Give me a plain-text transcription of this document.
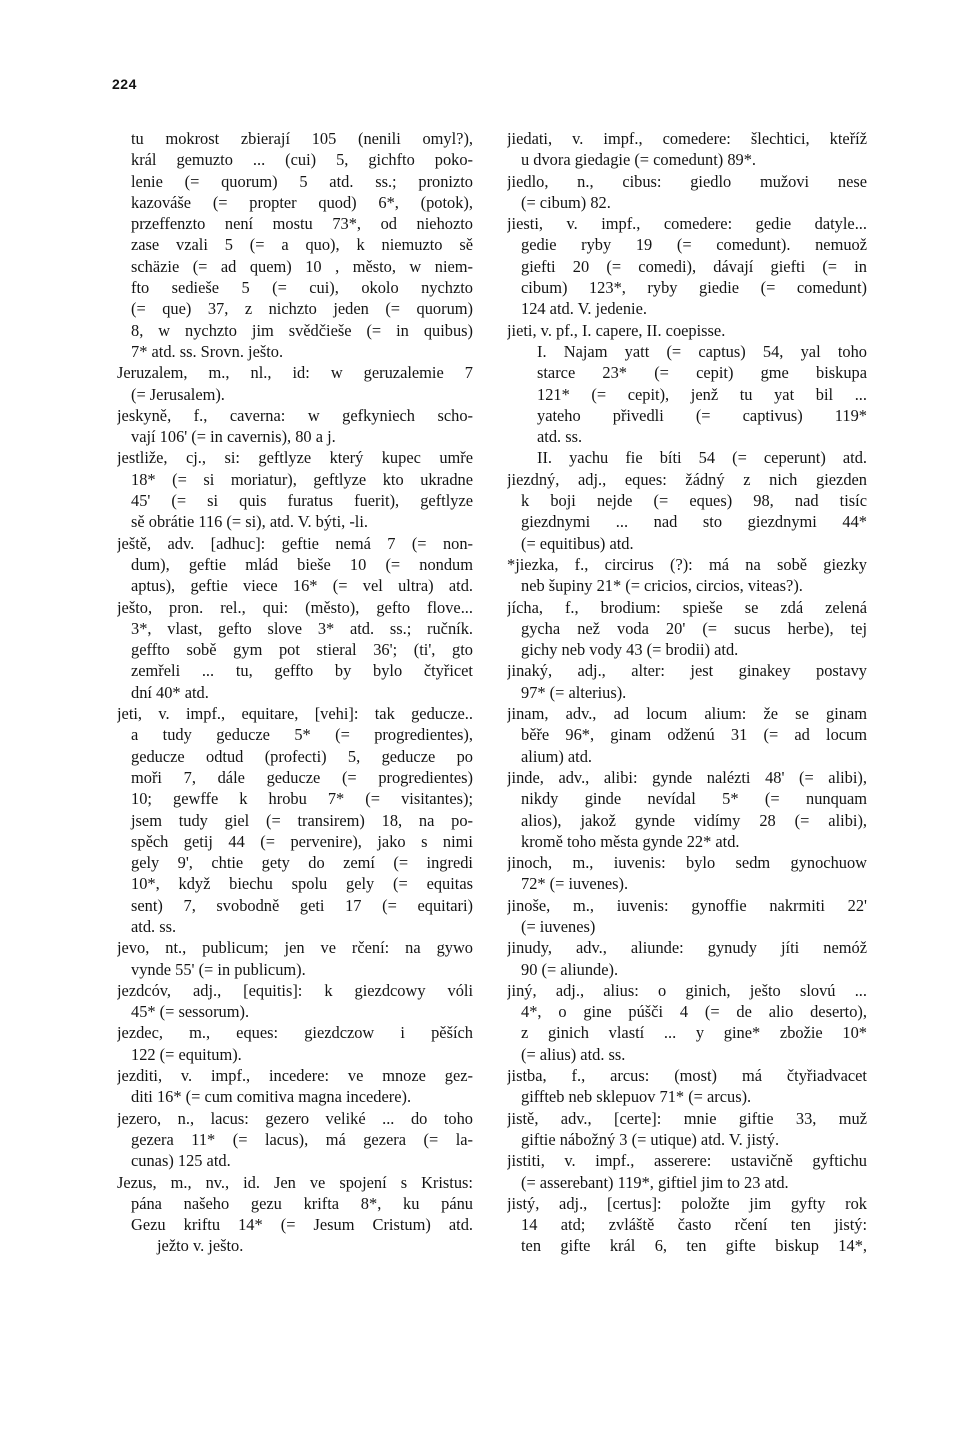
224
tu mokrost zbierají 105 (nenili omyl?),
král gemuzto ... (cui) 5, gichfto poko-
lenie (= quorum) 5 atd. ss.; pronizto
kazováše (= propter quod) 6*, (potok),
przeffenzto není mostu 73*, od niehozto
zase vzali 5 (= a quo), k niemuzto sě
schäzie (= ad quem) 10 , město, w niem-
fto sedieše 5 (= cui), okolo nychzto
(= que) 37, z nichzto jeden (= quorum)
8, w nychzto jim svědčieše (= in quibus)
7* atd. ss. Srovn. ješto.
Jeruzalem, m., nl., id: w geruzalemie 7
(= Jerusalem).
jeskyně, f., caverna: w gefkyniech scho-
vají 106' (= in cavernis), 80 a j.
jestliže, cj., si: geftlyze který kupec umře
18* (= si moriatur), geftlyze kto ukradne
45' (= si quis furatus fuerit), geftlyze
sě obrátie 116 (= si), atd. V. býti, -li.
ještě, adv. [adhuc]: geftie nemá 7 (= non-
dum), geftie mlád bieše 10 (= nondum
aptus), geftie viece 16* (= vel ultra) atd.
ješto, pron. rel., qui: (město), gefto flove...
3*, vlast, gefto slove 3* atd. ss.; ručník.
geffto sobě gym pot stieral 36'; (ti', gto
zemřeli ... tu, geffto by bylo čtyřicet
dní 40* atd.
jeti, v. impf., equitare, [vehi]: tak geducze..
a tudy geducze 5* (= progredientes),
geducze odtud (profecti) 5, geducze po
moři 7, dále geducze (= progredientes)
10; gewffe k hrobu 7* (= visitantes);
jsem tudy giel (= transirem) 18, na po-
spěch getij 44 (= pervenire), jako s nimi
gely 9', chtie gety do zemí (= ingredi
10*, když biechu spolu gely (= equitas
sent) 7, svobodně geti 17 (= equitari)
atd. ss.
jevo, nt., publicum; jen ve rčení: na gywo
vynde 55' (= in publicum).
jezdcóv, adj., [equitis]: k giezdcowy vóli
45* (= sessorum).
jezdec, m., eques: giezdczow i pěších
122 (= equitum).
jezditi, v. impf., incedere: ve mnoze gez-
diti 16* (= cum comitiva magna incedere).
jezero, n., lacus: gezero veliké ... do toho
gezera 11* (= lacus), má gezera (= la-
cunas) 125 atd.
Jezus, m., nv., id. Jen ve spojení s Kristus:
pána našeho gezu krifta 8*, ku pánu
Gezu kriftu 14* (= Jesum Cristum) atd.
ježto v. ješto.
jiedati, v. impf., comedere: šlechtici, kteříž
u dvora giedagie (= comedunt) 89*.
jiedlo, n., cibus: giedlo mužovi nese
(= cibum) 82.
jiesti, v. impf., comedere: gedie datyle...
gedie ryby 19 (= comedunt). nemuož
giefti 20 (= comedi), dávají giefti (= in
cibum) 123*, ryby giedie (= comedunt)
124 atd. V. jedenie.
jieti, v. pf., I. capere, II. coepisse.
I. Najam yatt (= captus) 54, yal toho
starce 23* (= cepit) gme biskupa
121* (= cepit), jenž tu yat bil ...
yateho přivedli (= captivus) 119*
atd. ss.
II. yachu fie bíti 54 (= ceperunt) atd.
jiezdný, adj., eques: žádný z nich giezden
k boji nejde (= eques) 98, nad tisíc
giezdnymi ... nad sto giezdnymi 44*
(= equitibus) atd.
*jiezka, f., circirus (?): má na sobě giezky
neb šupiny 21* (= cricios, circios, viteas?).
jícha, f., brodium: spieše se zdá zelená
gycha než voda 20' (= sucus herbe), tej
gichy neb vody 43 (= brodii) atd.
jinaký, adj., alter: jest ginakey postavy
97* (= alterius).
jinam, adv., ad locum alium: že se ginam
běře 96*, ginam odženú 31 (= ad locum
alium) atd.
jinde, adv., alibi: gynde nalézti 48' (= alibi),
nikdy ginde nevídal 5* (= nunquam
alios), jakož gynde vidímy 28 (= alibi),
kromě toho města gynde 22* atd.
jinoch, m., iuvenis: bylo sedm gynochuow
72* (= iuvenes).
jinoše, m., iuvenis: gynoffie nakrmiti 22'
(= iuvenes)
jinudy, adv., aliunde: gynudy jíti nemóž
90 (= aliunde).
jiný, adj., alius: o ginich, ješto slovú ...
4*, o gine púšči 4 (= de alio deserto),
z ginich vlastí ... y gine* zbožie 10*
(= alius) atd. ss.
jistba, f., arcus: (most) má čtyřiadvacet
giffteb neb sklepuov 71* (= arcus).
jistě, adv., [certe]: mnie giftie 33, muž
giftie nábožný 3 (= utique) atd. V. jistý.
jistiti, v. impf., asserere: ustavičně gyftichu
(= asserebant) 119*, giftiel jim to 23 atd.
jistý, adj., [certus]: položte jim gyfty rok
14 atd; zvláště často rčení ten jistý:
ten gifte král 6, ten gifte biskup 14*,
